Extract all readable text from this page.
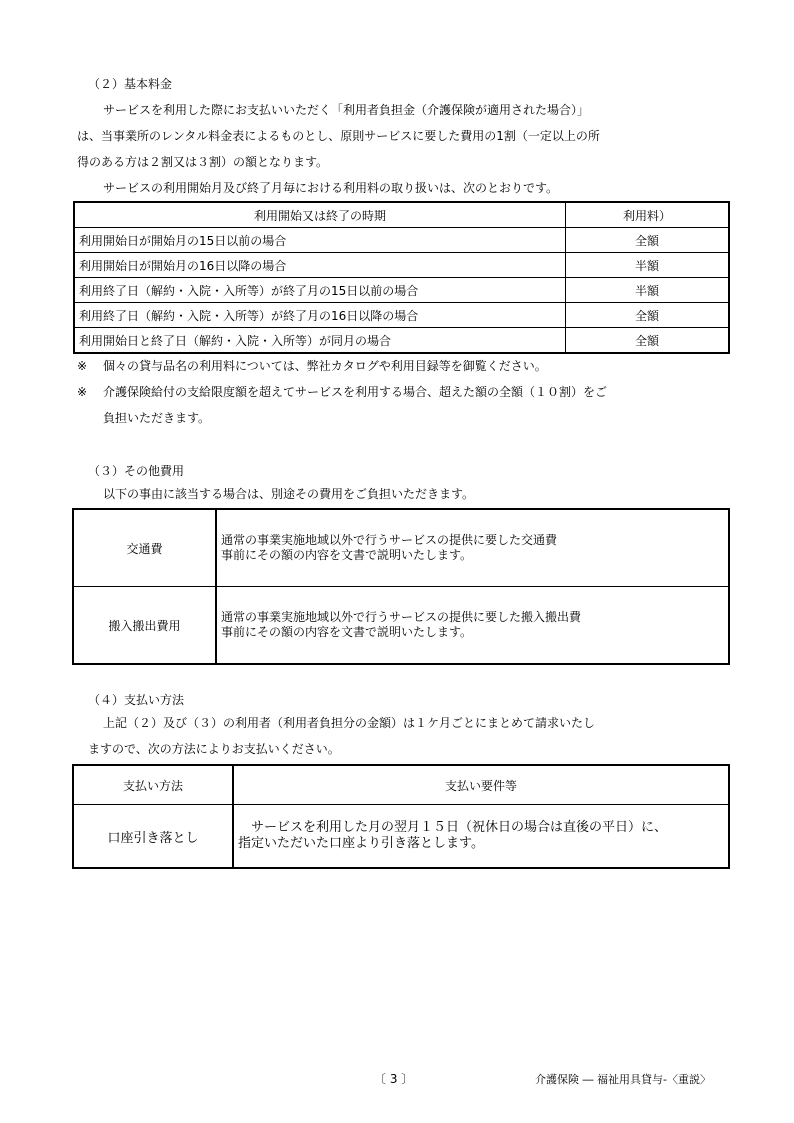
（２）基本料金
サービスを利用した際にお支払いいただく「利用者負担金（介護保険が適用された場合）」
は、当事業所のレンタル料金表によるものとし、原則サービスに要した費用の1割（一定以上の所
得のある方は２割又は３割）の額となります。
サービスの利用開始月及び終了月毎における利用料の取り扱いは、次のとおりです。
利用開始又は終了の時期	利用料）
利用開始日が開始月の15日以前の場合	全額
利用開始日が開始月の16日以降の場合	半額
利用終了日（解約・入院・入所等）が終了月の15日以前の場合	半額
利用終了日（解約・入院・入所等）が終了月の16日以降の場合	全額
利用開始日と終了日（解約・入院・入所等）が同月の場合	全額
※ 個々の貸与品名の利用料については、弊社カタログや利用目録等を御覧ください。
※ 介護保険給付の支給限度額を超えてサービスを利用する場合、超えた額の全額（１０割）をご
負担いただきます。
（３）その他費用
以下の事由に該当する場合は、別途その費用をご負担いただきます。
交通費	通常の事業実施地域以外で行うサービスの提供に要した交通費
事前にその額の内容を文書で説明いたします。

搬入搬出費用	通常の事業実施地域以外で行うサービスの提供に要した搬入搬出費
事前にその額の内容を文書で説明いたします。
（４）支払い方法
上記（２）及び（３）の利用者（利用者負担分の金額）は１ケ月ごとにまとめて請求いたし
ますので、次の方法によりお支払いください。
支払い方法	支払い要件等
口座引き落とし	　サービスを利用した月の翌月１５日（祝休日の場合は直後の平日）に、
指定いただいた口座より引き落とします。
〔 3 〕	介護保険 ― 福祉用具貸与-〈重説〉
